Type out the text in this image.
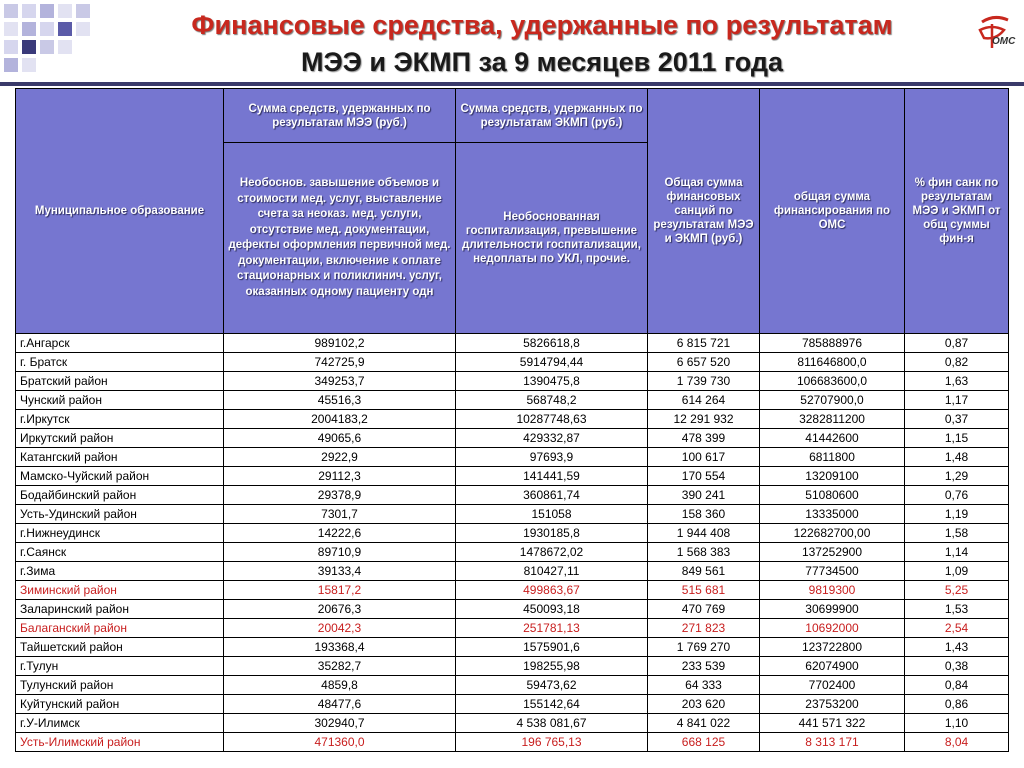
Финансовые средства, удержанные по результатам
МЭЭ и ЭКМП за 9 месяцев 2011 года
ОМС
Муниципальное образование	Сумма средств, удержанных по результатам МЭЭ (руб.)	Сумма средств, удержанных по результатам ЭКМП (руб.)	Общая сумма финансовых санций по результатам МЭЭ и ЭКМП (руб.)	общая сумма финансирования по ОМС	% фин санк по результатам МЭЭ и ЭКМП от общ суммы фин-я
	Необоснов. завышение объемов и стоимости мед. услуг, выставление счета за неоказ. мед. услуги, отсутствие мед. документации, дефекты оформления первичной мед. документации, включение к оплате стационарных и поликлинич. услуг, оказанных одному пациенту одн	Необоснованная госпитализация, превышение длительности госпитализации, недоплаты по УКЛ, прочие.			
г.Ангарск	989102,2	5826618,8	6 815 721	785888976	0,87
г. Братск	742725,9	5914794,44	6 657 520	811646800,0	0,82
Братский район	349253,7	1390475,8	1 739 730	106683600,0	1,63
Чунский район	45516,3	568748,2	614 264	52707900,0	1,17
г.Иркутск	2004183,2	10287748,63	12 291 932	3282811200	0,37
Иркутский район	49065,6	429332,87	478 399	41442600	1,15
Катангский район	2922,9	97693,9	100 617	6811800	1,48
Мамско-Чуйский район	29112,3	141441,59	170 554	13209100	1,29
Бодайбинский район	29378,9	360861,74	390 241	51080600	0,76
Усть-Удинский район	7301,7	151058	158 360	13335000	1,19
г.Нижнеудинск	14222,6	1930185,8	1 944 408	122682700,00	1,58
г.Саянск	89710,9	1478672,02	1 568 383	137252900	1,14
г.Зима	39133,4	810427,11	849 561	77734500	1,09
Зиминский район	15817,2	499863,67	515 681	9819300	5,25
Заларинский район	20676,3	450093,18	470 769	30699900	1,53
Балаганский район	20042,3	251781,13	271 823	10692000	2,54
Тайшетский район	193368,4	1575901,6	1 769 270	123722800	1,43
г.Тулун	35282,7	198255,98	233 539	62074900	0,38
Тулунский район	4859,8	59473,62	64 333	7702400	0,84
Куйтунский район	48477,6	155142,64	203 620	23753200	0,86
г.У-Илимск	302940,7	4 538 081,67	4 841 022	441 571 322	1,10
Усть-Илимский район	471360,0	196 765,13	668 125	8 313 171	8,04
